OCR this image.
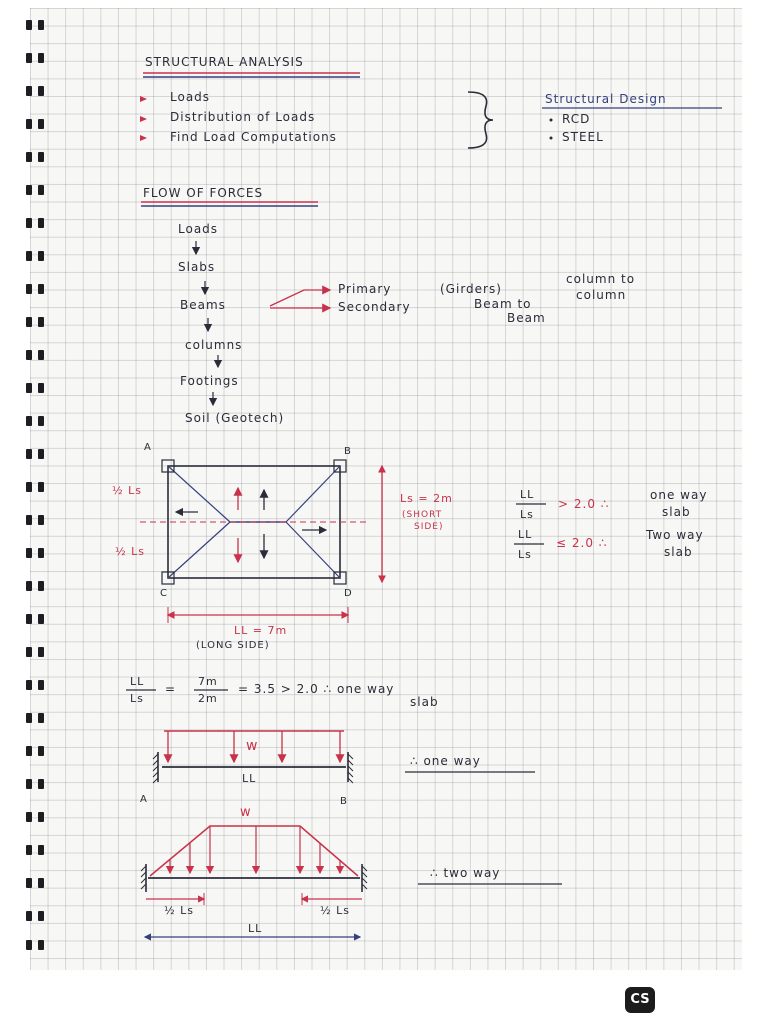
STRUCTURAL ANALYSIS
Loads
Distribution of Loads
Find Load Computations
Structural Design
RCD
STEEL
FLOW OF FORCES
Loads
Slabs
Beams
columns
Footings
Soil (Geotech)
Primary	(Girders)
Secondary
column to
column
Beam to
Beam
A	B
C	D
½ Ls
½ Ls
Ls = 2m
(SHORT
SIDE)
LL = 7m
(LONG SIDE)
LL
Ls
> 2.0 ∴
one way
slab
LL
Ls
≤ 2.0 ∴
Two way
slab
LL
Ls
=
7m
2m
= 3.5 > 2.0 ∴ one way
slab
w
LL
A	B
∴ one way
w
½ Ls	½ Ls
LL
∴ two way
CS
